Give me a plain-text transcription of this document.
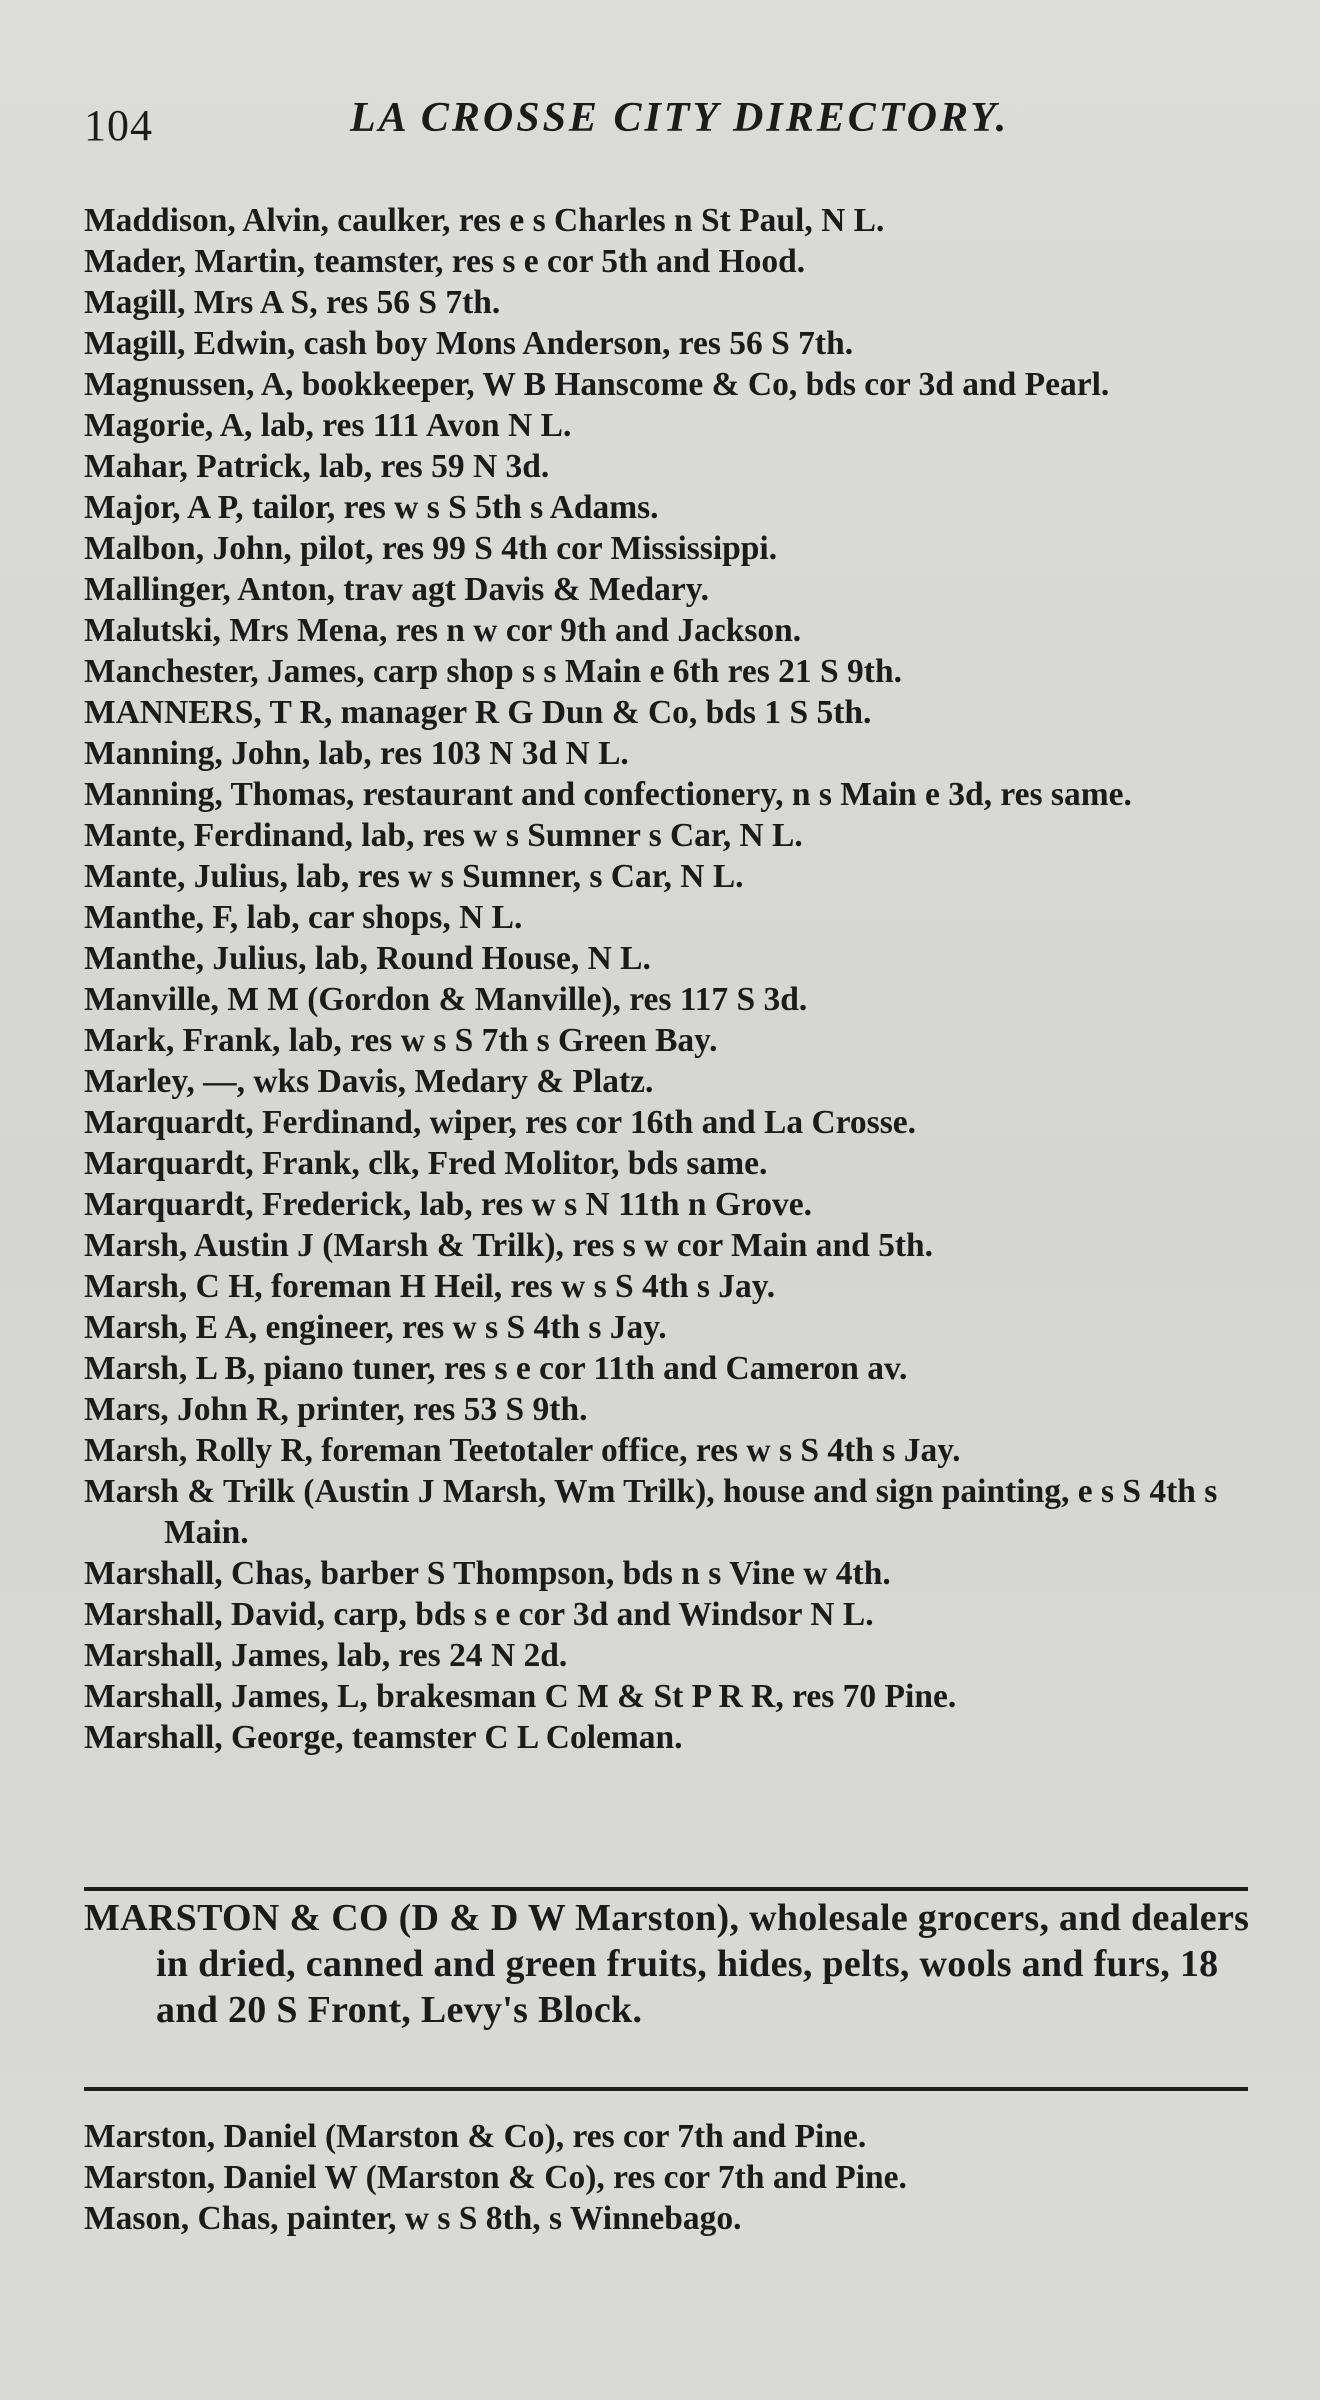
104	LA CROSSE CITY DIRECTORY.

Maddison, Alvin, caulker, res e s Charles n St Paul, N L.

Mader, Martin, teamster, res s e cor 5th and Hood.

Magill, Mrs A S, res 56 S 7th.

Magill, Edwin, cash boy Mons Anderson, res 56 S 7th.

Magnussen, A, bookkeeper, W B Hanscome & Co, bds cor 3d and Pearl.

Magorie, A, lab, res 111 Avon N L.

Mahar, Patrick, lab, res 59 N 3d.

Major, A P, tailor, res w s S 5th s Adams.

Malbon, John, pilot, res 99 S 4th cor Mississippi.

Mallinger, Anton, trav agt Davis & Medary.

Malutski, Mrs Mena, res n w cor 9th and Jackson.

Manchester, James, carp shop s s Main e 6th res 21 S 9th.

MANNERS, T R, manager R G Dun & Co, bds 1 S 5th.

Manning, John, lab, res 103 N 3d N L.

Manning, Thomas, restaurant and confectionery, n s Main e 3d, res same.

Mante, Ferdinand, lab, res w s Sumner s Car, N L.

Mante, Julius, lab, res w s Sumner, s Car, N L.

Manthe, F, lab, car shops, N L.

Manthe, Julius, lab, Round House, N L.

Manville, M M (Gordon & Manville), res 117 S 3d.

Mark, Frank, lab, res w s S 7th s Green Bay.

Marley, —, wks Davis, Medary & Platz.

Marquardt, Ferdinand, wiper, res cor 16th and La Crosse.

Marquardt, Frank, clk, Fred Molitor, bds same.

Marquardt, Frederick, lab, res w s N 11th n Grove.

Marsh, Austin J (Marsh & Trilk), res s w cor Main and 5th.

Marsh, C H, foreman H Heil, res w s S 4th s Jay.

Marsh, E A, engineer, res w s S 4th s Jay.

Marsh, L B, piano tuner, res s e cor 11th and Cameron av.

Mars, John R, printer, res 53 S 9th.

Marsh, Rolly R, foreman Teetotaler office, res w s S 4th s Jay.

Marsh & Trilk (Austin J Marsh, Wm Trilk), house and sign painting, e s S 4th s Main.

Marshall, Chas, barber S Thompson, bds n s Vine w 4th.

Marshall, David, carp, bds s e cor 3d and Windsor N L.

Marshall, James, lab, res 24 N 2d.

Marshall, James, L, brakesman C M & St P R R, res 70 Pine.

Marshall, George, teamster C L Coleman.

MARSTON & CO (D & D W Marston), wholesale grocers, and dealers in dried, canned and green fruits, hides, pelts, wools and furs, 18 and 20 S Front, Levy's Block.

Marston, Daniel (Marston & Co), res cor 7th and Pine.

Marston, Daniel W (Marston & Co), res cor 7th and Pine.

Mason, Chas, painter, w s S 8th, s Winnebago.
